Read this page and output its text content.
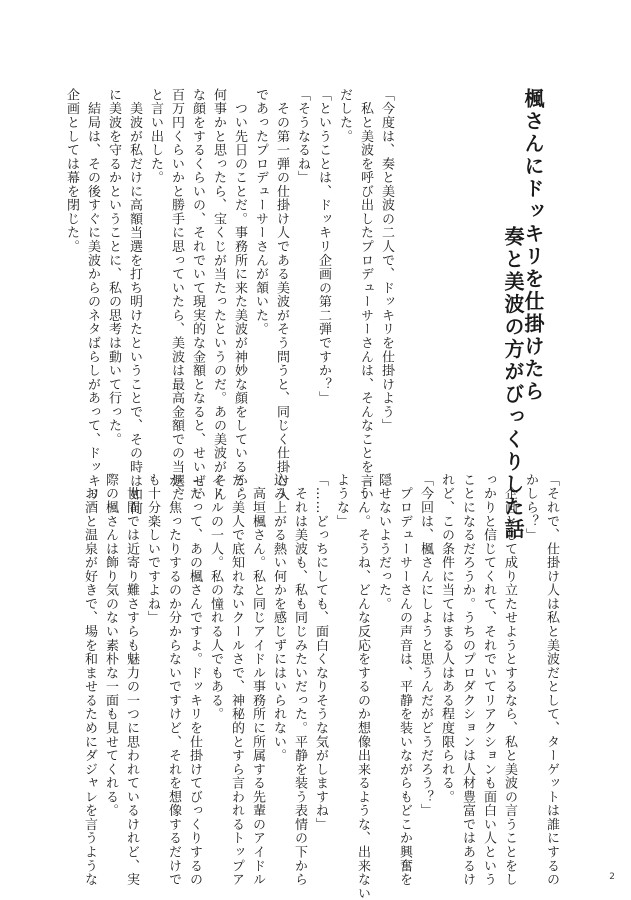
楓さんにドッキリを仕掛けたら
奏と美波の方がびっくりした話
「今度は、奏と美波の二人で、ドッキリを仕掛けよう」
　私と美波を呼び出したプロデューサーさんは、そんなことを言い
だした。
「ということは、ドッキリ企画の第二弾ですか？」
「そうなるね」
　その第一弾の仕掛け人である美波がそう問うと、同じく仕掛け人
であったプロデューサーさんが頷いた。
　つい先日のことだ。事務所に来た美波が神妙な顔をしているから
何事かと思ったら、宝くじが当たったというのだ。あの美波がそん
な顔をするくらいの、それでいて現実的な金額となると、せいぜい
百万円くらいかと勝手に思っていたら、美波は最高金額での当選だ
と言い出した。
　美波が私だけに高額当選を打ち明けたということで、その時は如何
に美波を守るかということに、私の思考は動いて行った。
　結局は、その後すぐに美波からのネタばらしがあって、ドッキリ
企画としては幕を閉じた。
「それで、仕掛け人は私と美波だとして、ターゲットは誰にするの
かしら？」
　企画として成り立たせようとするなら、私と美波の言うことをし
っかりと信じてくれて、それでいてリアクションも面白い人という
ことになるだろうか。うちのプロダクションは人材豊富ではあるけ
れど、この条件に当てはまる人はある程度限られる。
「今回は、楓さんにしようと思うんだがどうだろう？」
　プロデューサーさんの声音は、平静を装いながらもどこか興奮を
隠せないようだった。
「うん。そうね、どんな反応をするのか想像出来るような、出来ない
ような」
「……どっちにしても、面白くなりそうな気がしますね」
　それは美波も、私も同じみたいだった。平静を装う表情の下から
込み上がる熱い何かを感じずにはいられない。
　高垣楓さん。私と同じアイドル事務所に所属する先輩のアイドル
だ。美人で底知れないクールさで、神秘的とすら言われるトップア
イドルの一人。私の憧れる人でもある。
「だって、あの楓さんですよ。ドッキリを仕掛けてびっくりするの
か、焦ったりするのか分からないですけど、それを想像するだけで
も十分楽しいですよね」
　世間では近寄り難さすらも魅力の一つに思われているけれど、実
際の楓さんは飾り気のない素朴な一面も見せてくれる。
　お酒と温泉が好きで、場を和ませるためにダジャレを言うような	2
